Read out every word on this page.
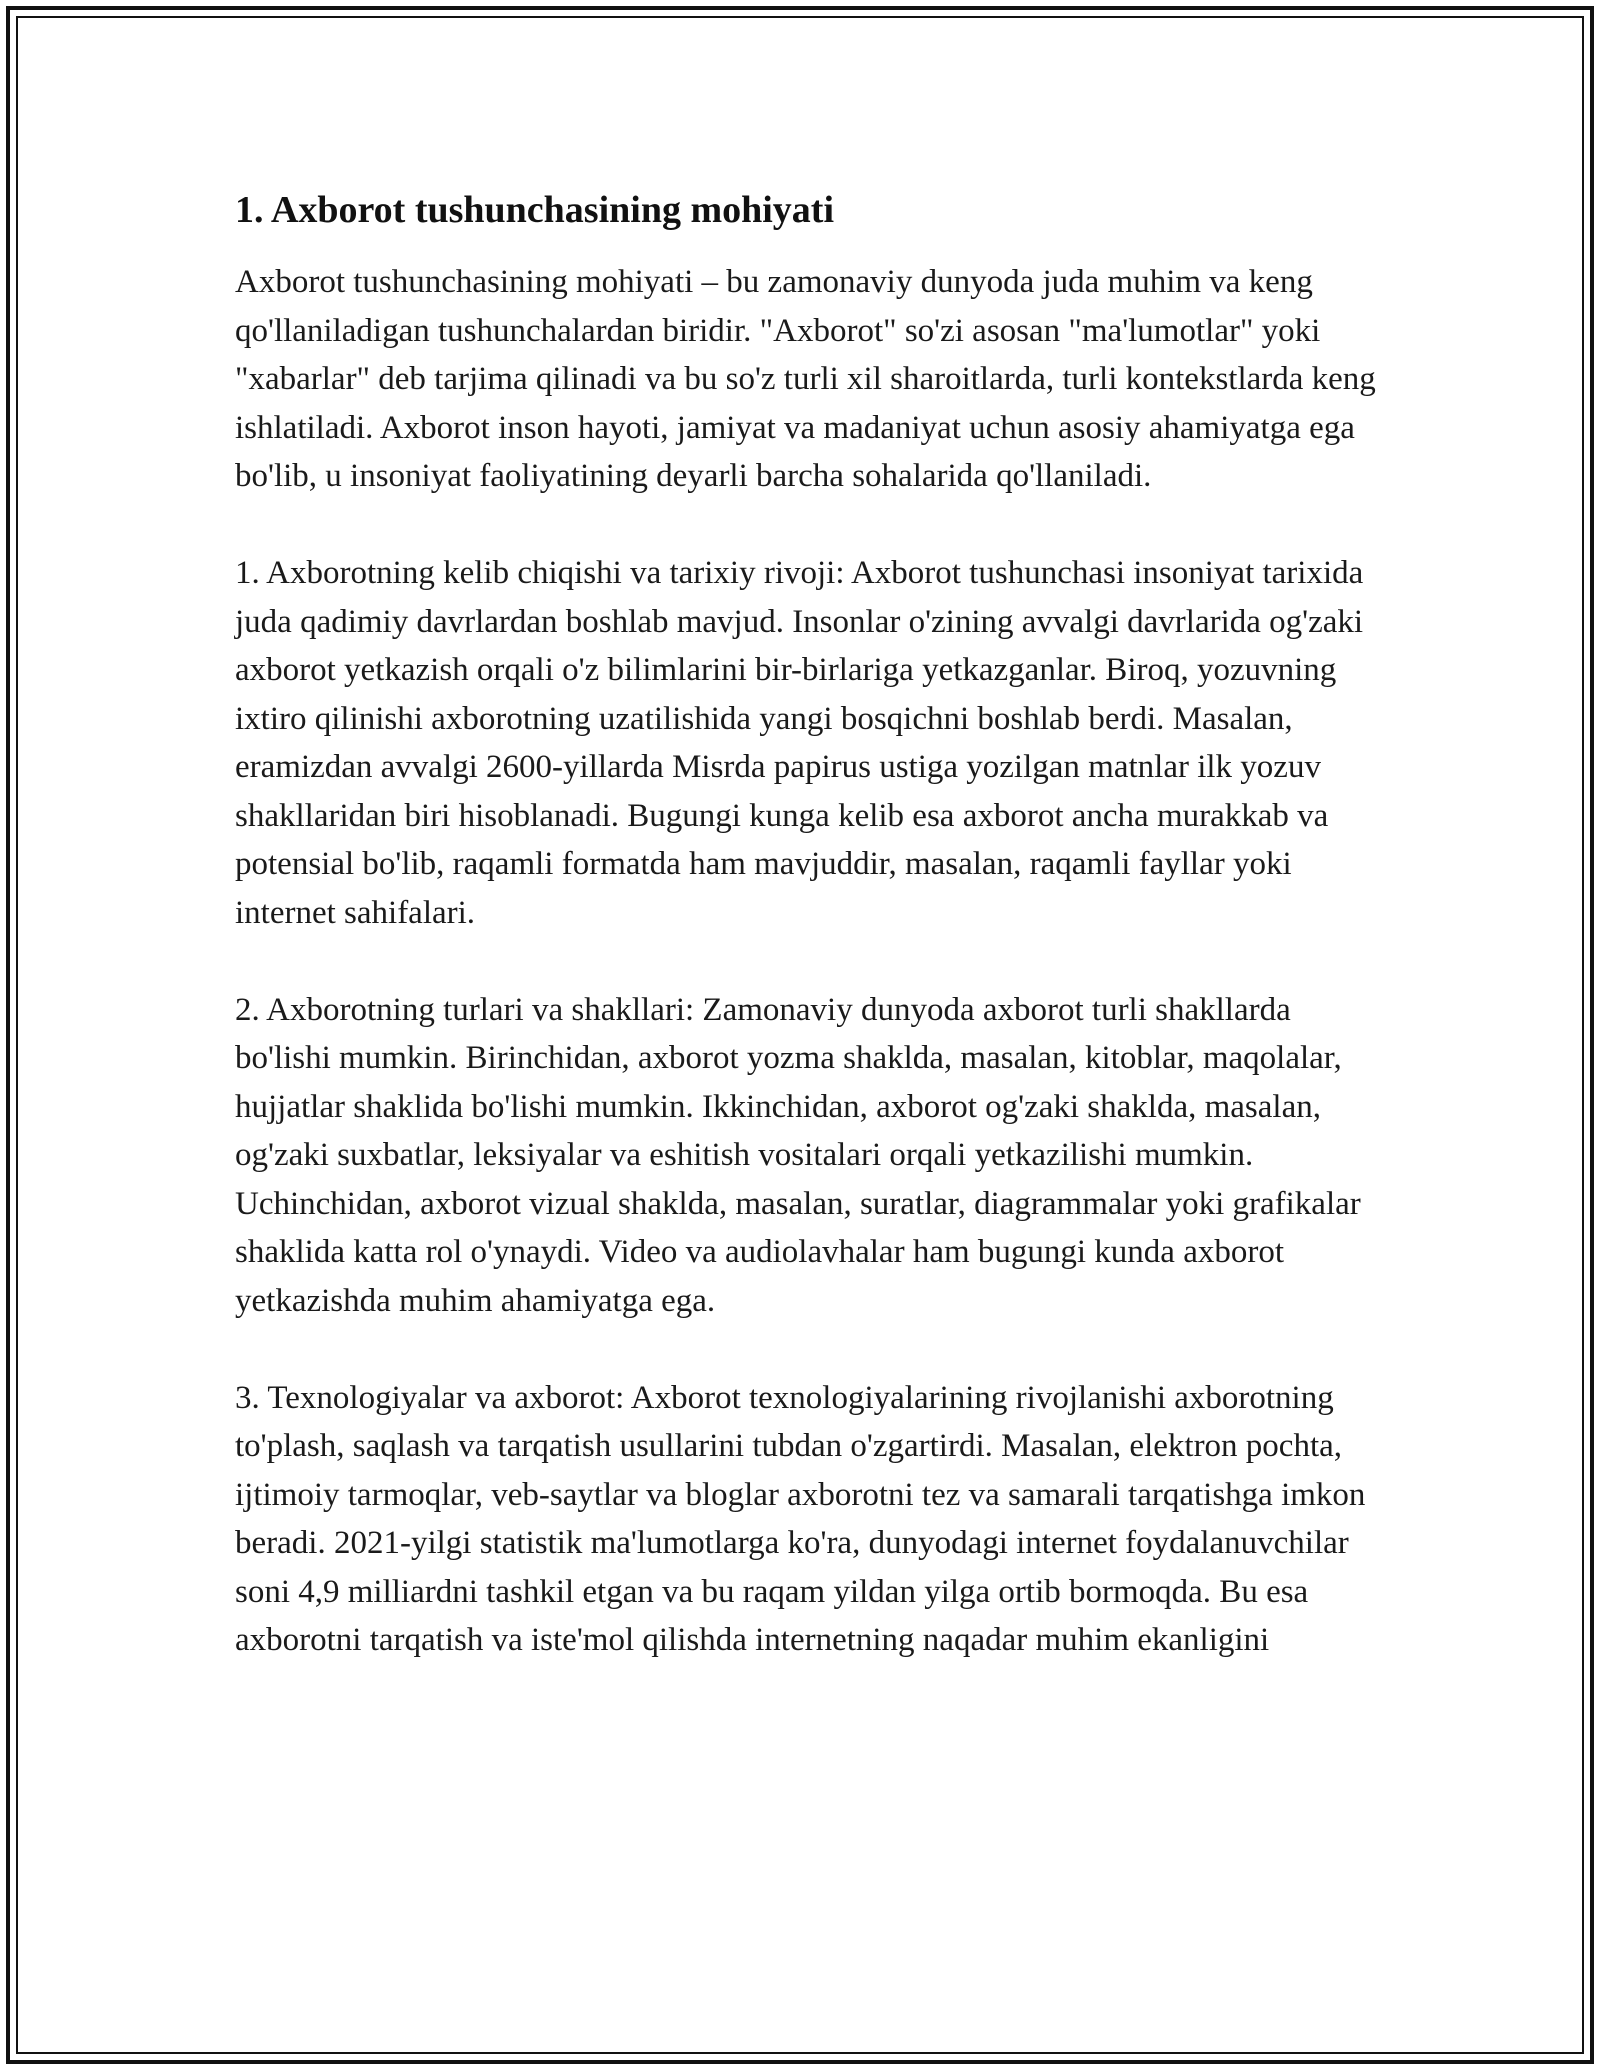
1. Axborot tushunchasining mohiyati

Axborot tushunchasining mohiyati – bu zamonaviy dunyoda juda muhim va keng qo'llaniladigan tushunchalardan biridir. "Axborot" so'zi asosan "ma'lumotlar" yoki "xabarlar" deb tarjima qilinadi va bu so'z turli xil sharoitlarda, turli kontekstlarda keng ishlatiladi. Axborot inson hayoti, jamiyat va madaniyat uchun asosiy ahamiyatga ega bo'lib, u insoniyat faoliyatining deyarli barcha sohalarida qo'llaniladi.

1. Axborotning kelib chiqishi va tarixiy rivoji: Axborot tushunchasi insoniyat tarixida juda qadimiy davrlardan boshlab mavjud. Insonlar o'zining avvalgi davrlarida og'zaki axborot yetkazish orqali o'z bilimlarini bir-birlariga yetkazganlar. Biroq, yozuvning ixtiro qilinishi axborotning uzatilishida yangi bosqichni boshlab berdi. Masalan, eramizdan avvalgi 2600-yillarda Misrda papirus ustiga yozilgan matnlar ilk yozuv shakllaridan biri hisoblanadi. Bugungi kunga kelib esa axborot ancha murakkab va potensial bo'lib, raqamli formatda ham mavjuddir, masalan, raqamli fayllar yoki internet sahifalari.

2. Axborotning turlari va shakllari: Zamonaviy dunyoda axborot turli shakllarda bo'lishi mumkin. Birinchidan, axborot yozma shaklda, masalan, kitoblar, maqolalar, hujjatlar shaklida bo'lishi mumkin. Ikkinchidan, axborot og'zaki shaklda, masalan, og'zaki suxbatlar, leksiyalar va eshitish vositalari orqali yetkazilishi mumkin. Uchinchidan, axborot vizual shaklda, masalan, suratlar, diagrammalar yoki grafikalar shaklida katta rol o'ynaydi. Video va audiolavhalar ham bugungi kunda axborot yetkazishda muhim ahamiyatga ega.

3. Texnologiyalar va axborot: Axborot texnologiyalarining rivojlanishi axborotning to'plash, saqlash va tarqatish usullarini tubdan o'zgartirdi. Masalan, elektron pochta, ijtimoiy tarmoqlar, veb-saytlar va bloglar axborotni tez va samarali tarqatishga imkon beradi. 2021-yilgi statistik ma'lumotlarga ko'ra, dunyodagi internet foydalanuvchilar soni 4,9 milliardni tashkil etgan va bu raqam yildan yilga ortib bormoqda. Bu esa axborotni tarqatish va iste'mol qilishda internetning naqadar muhim ekanligini
